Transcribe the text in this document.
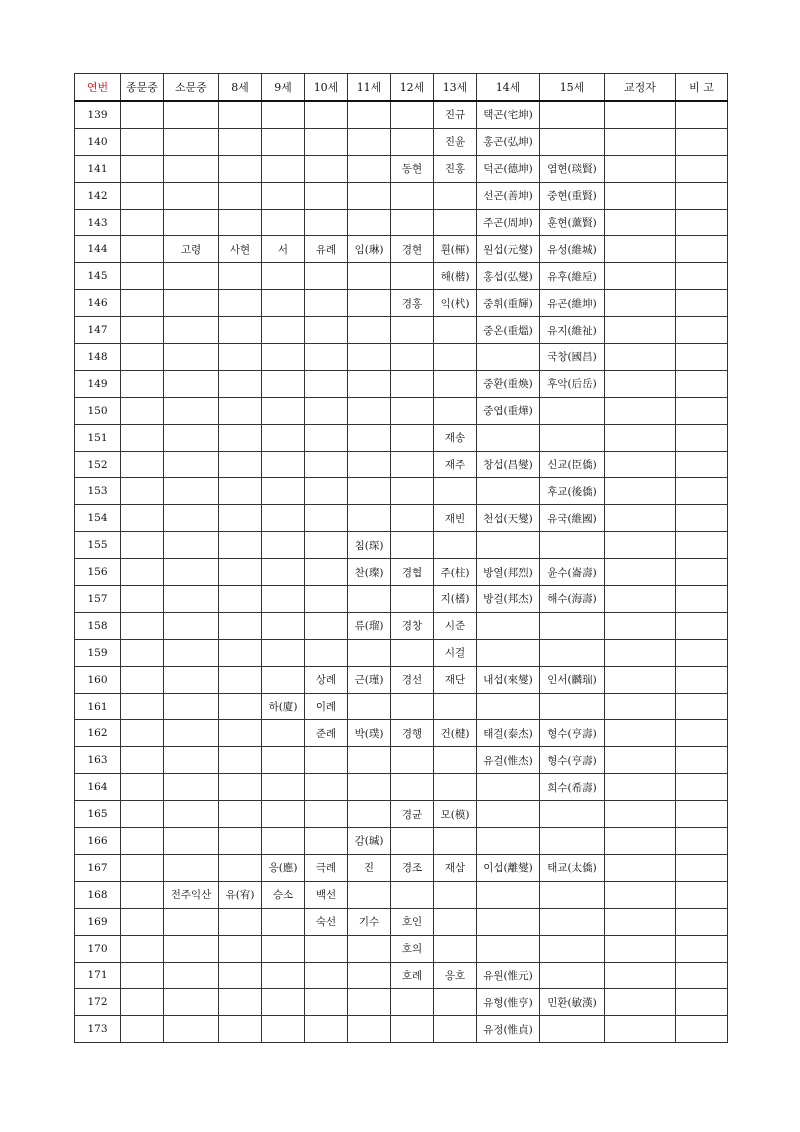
연번	종문중	소문중	8세	9세	10세	11세	12세	13세	14세	15세	교정자	비 고
139								진규	택곤(宅坤)			
140								진윤	홍곤(弘坤)			
141							동현	진홍	덕곤(德坤)	염현(琰賢)		
142									선곤(善坤)	중현(重賢)		
143									주곤(周坤)	훈현(薰賢)		
144		고령	사현	서	유례	임(琳)	경현	휜(楎)	원섭(元燮)	유성(維城)		
145								해(楷)	홍섭(弘燮)	유후(維垕)		
146							경홍	익(杙)	중휘(重輝)	유곤(維坤)		
147									중온(重熅)	유지(維祉)		
148										국창(國昌)		
149									중환(重煥)	후악(后岳)		
150									중엽(重燁)			
151								재송				
152								재주	창섭(昌燮)	신교(臣僑)		
153										후교(後僑)		
154								재빈	천섭(天燮)	유국(維國)		
155						침(琛)						
156						찬(璨)	경협	주(柱)	방열(邦烈)	윤수(崙壽)		
157								지(榰)	방걸(邦杰)	해수(海壽)		
158						류(瑠)	경창	시준				
159								시걸				
160					상례	근(瑾)	경선	재단	내섭(來燮)	인서(麟瑞)		
161				하(廈)	이례							
162					준례	박(璞)	경행	건(楗)	태걸(泰杰)	형수(亨壽)		
163									유걸(惟杰)	형수(亨壽)		
164										희수(希壽)		
165							경균	모(模)				
166						감(瑊)						
167				응(應)	극례	진	경조	재삼	이섭(離燮)	태교(太僑)		
168		전주익산	유(宥)	승소	백선							
169					숙선	기수	호인					
170							호의					
171							호례	응호	유원(惟元)			
172									유형(惟亨)	민환(敏漢)		
173									유정(惟貞)			
